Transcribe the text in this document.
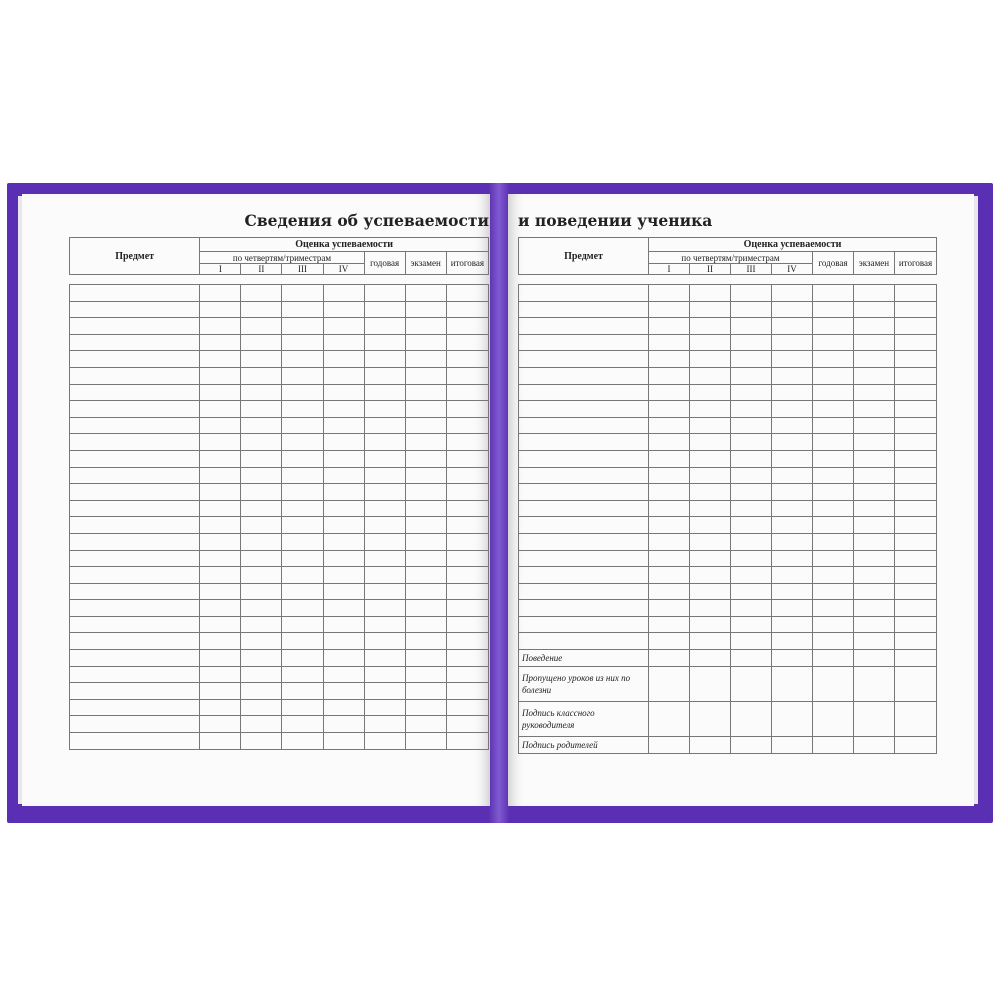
Сведения об успеваемости и поведении ученика
Предмет	Оценка успеваемости						
	по четвертям/триместрам				годовая	экзамен	итоговая
	I	II	III	IV			

Предмет	Оценка успеваемости						
	по четвертям/триместрам				годовая	экзамен	итоговая
	I	II	III	IV			

Поведение							
Пропущено уроков из них по болезни							
Подпись классного руководителя							
Подпись родителей							
